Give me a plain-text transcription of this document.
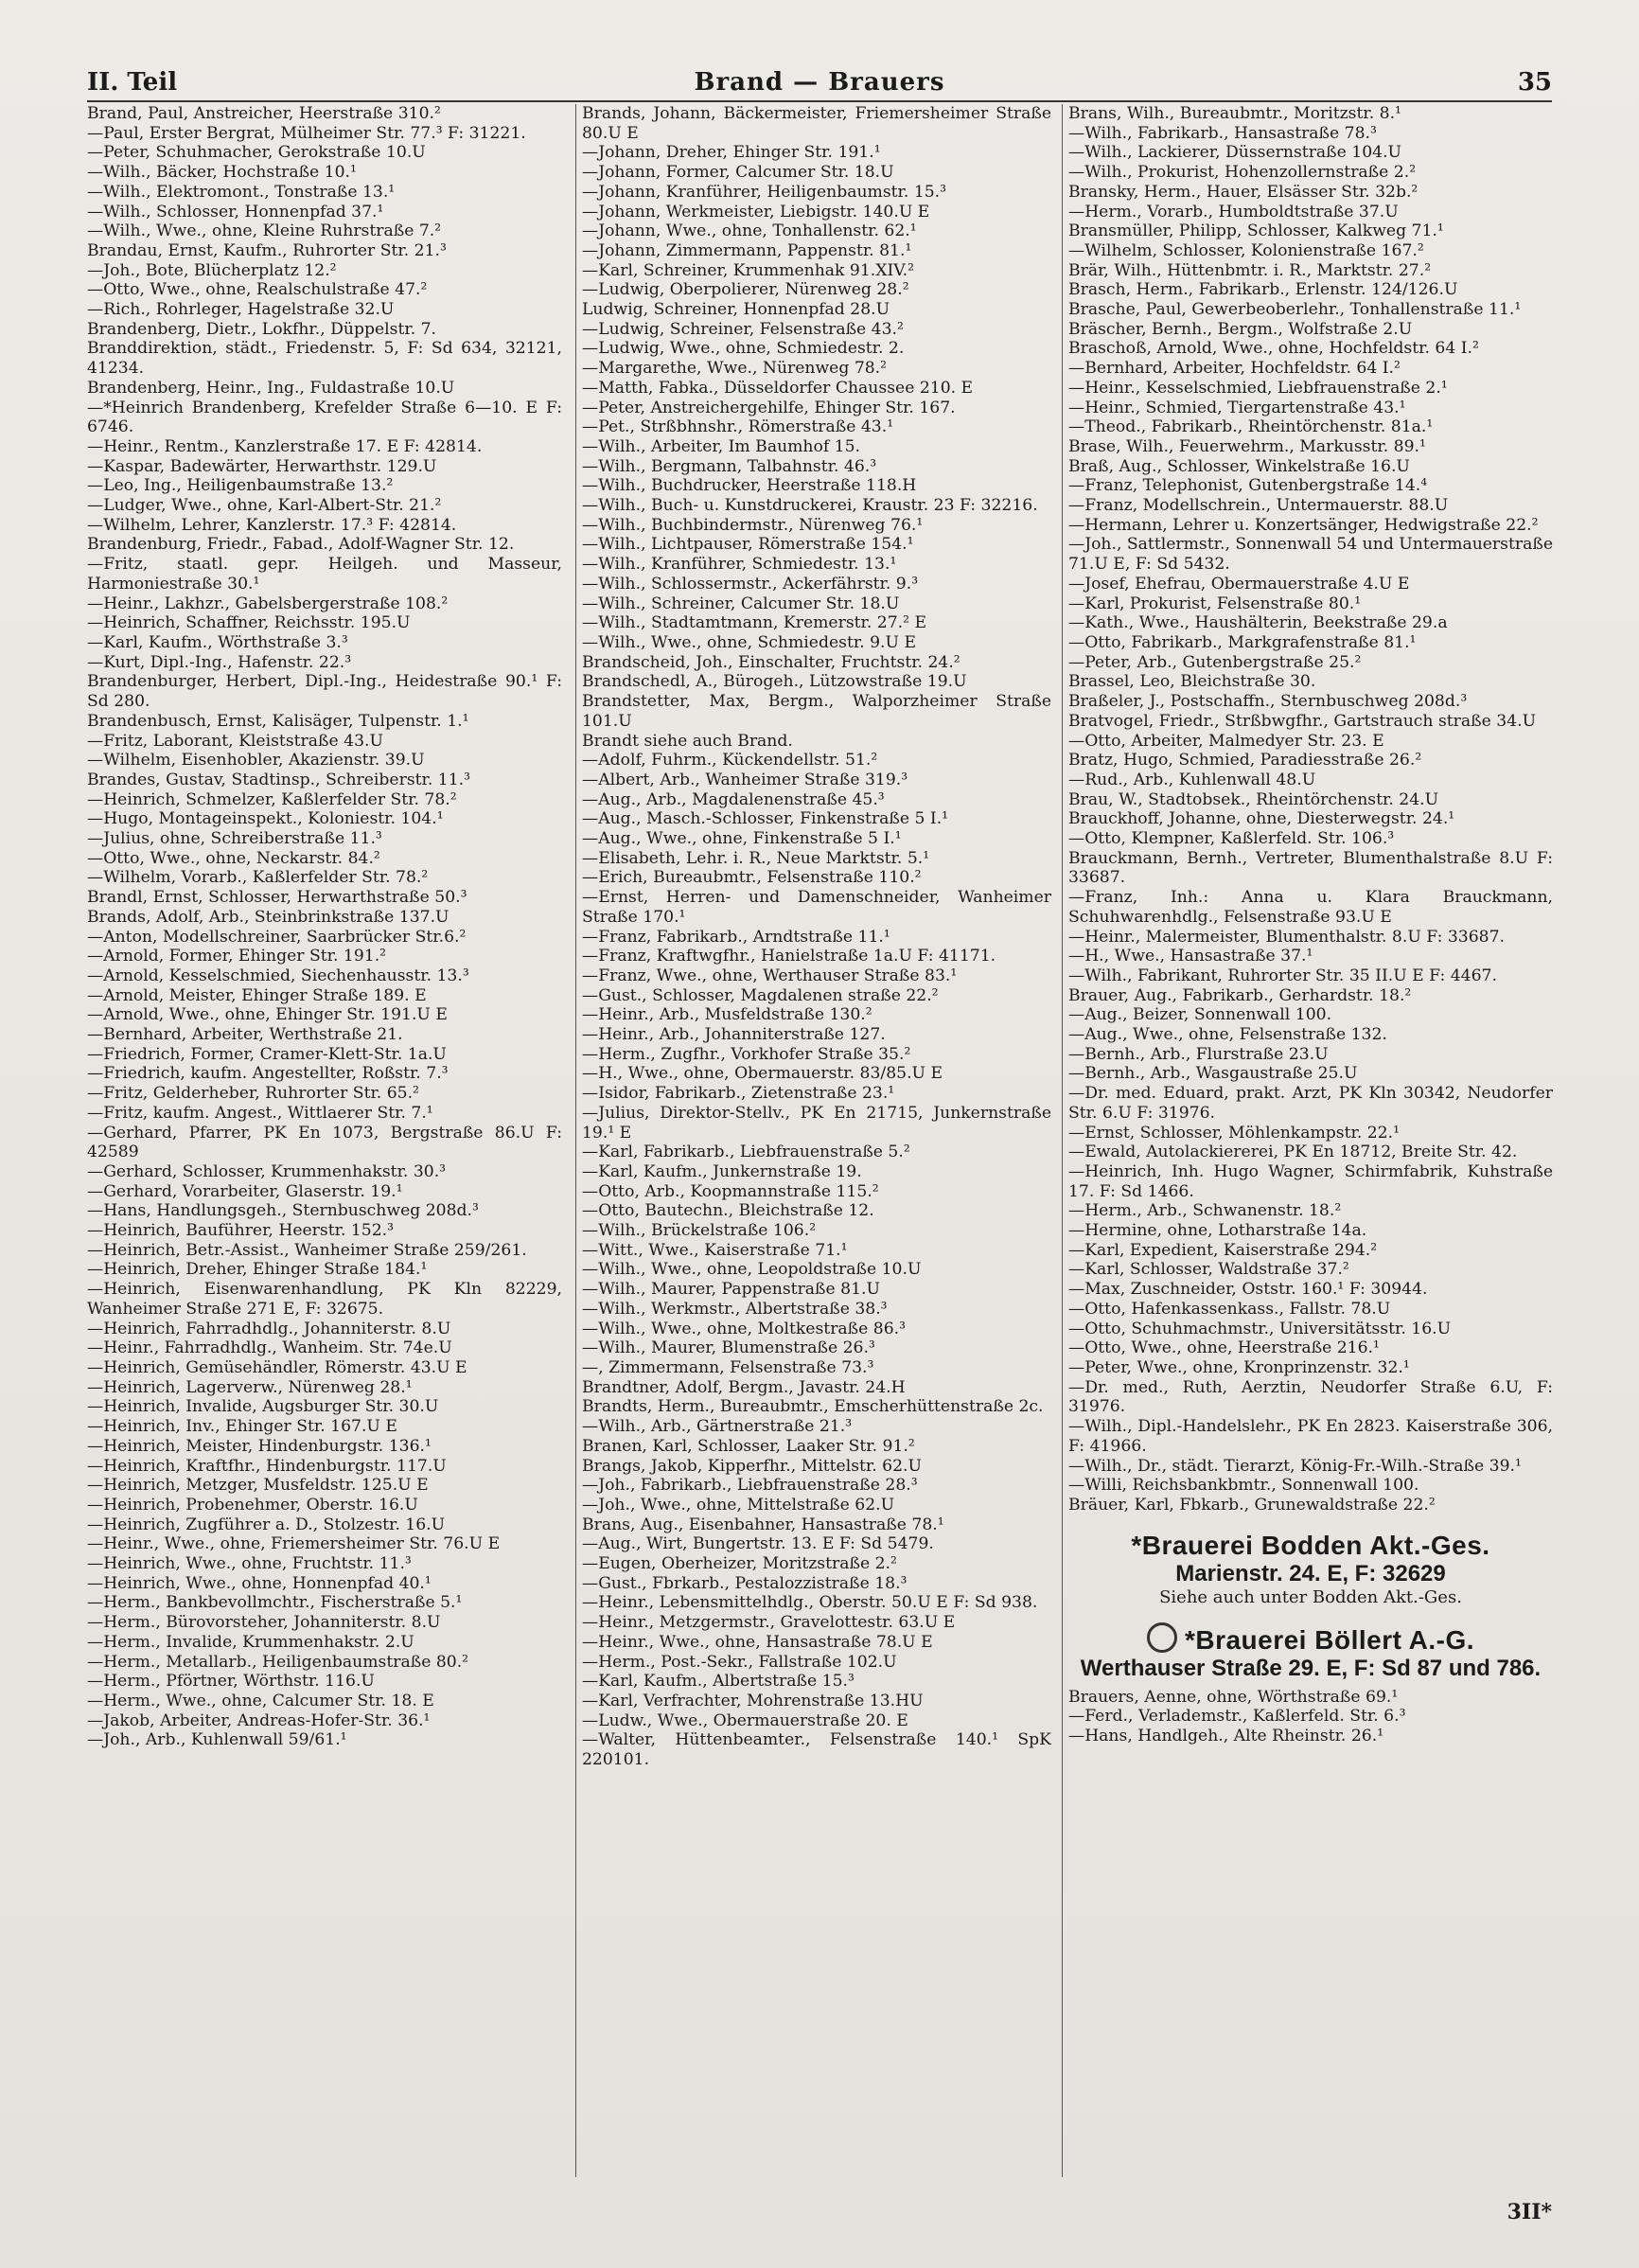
II. Teil	Brand — Brauers	35

Brand, Paul, Anstreicher, Heerstraße 310.²

—Paul, Erster Bergrat, Mülheimer Str. 77.³ F: 31221.

—Peter, Schuhmacher, Gerokstraße 10.U

—Wilh., Bäcker, Hochstraße 10.¹

—Wilh., Elektromont., Tonstraße 13.¹

—Wilh., Schlosser, Honnenpfad 37.¹

—Wilh., Wwe., ohne, Kleine Ruhrstraße 7.²

Brandau, Ernst, Kaufm., Ruhrorter Str. 21.³

—Joh., Bote, Blücherplatz 12.²

—Otto, Wwe., ohne, Realschulstraße 47.²

—Rich., Rohrleger, Hagelstraße 32.U

Brandenberg, Dietr., Lokfhr., Düppelstr. 7.

Branddirektion, städt., Friedenstr. 5, F: Sd 634, 32121, 41234.

Brandenberg, Heinr., Ing., Fuldastraße 10.U

—*Heinrich Brandenberg, Krefelder Straße 6—10. E F: 6746.

—Heinr., Rentm., Kanzlerstraße 17. E F: 42814.

—Kaspar, Badewärter, Herwarthstr. 129.U

—Leo, Ing., Heiligenbaumstraße 13.²

—Ludger, Wwe., ohne, Karl-Albert-Str. 21.²

—Wilhelm, Lehrer, Kanzlerstr. 17.³ F: 42814.

Brandenburg, Friedr., Fabad., Adolf-Wagner Str. 12.

—Fritz, staatl. gepr. Heilgeh. und Masseur, Harmoniestraße 30.¹

—Heinr., Lakhzr., Gabelsbergerstraße 108.²

—Heinrich, Schaffner, Reichsstr. 195.U

—Karl, Kaufm., Wörthstraße 3.³

—Kurt, Dipl.-Ing., Hafenstr. 22.³

Brandenburger, Herbert, Dipl.-Ing., Heidestraße 90.¹ F: Sd 280.

Brandenbusch, Ernst, Kalisäger, Tulpenstr. 1.¹

—Fritz, Laborant, Kleiststraße 43.U

—Wilhelm, Eisenhobler, Akazienstr. 39.U

Brandes, Gustav, Stadtinsp., Schreiberstr. 11.³

—Heinrich, Schmelzer, Kaßlerfelder Str. 78.²

—Hugo, Montageinspekt., Koloniestr. 104.¹

—Julius, ohne, Schreiberstraße 11.³

—Otto, Wwe., ohne, Neckarstr. 84.²

—Wilhelm, Vorarb., Kaßlerfelder Str. 78.²

Brandl, Ernst, Schlosser, Herwarthstraße 50.³

Brands, Adolf, Arb., Steinbrinkstraße 137.U

—Anton, Modellschreiner, Saarbrücker Str.6.²

—Arnold, Former, Ehinger Str. 191.²

—Arnold, Kesselschmied, Siechenhausstr. 13.³

—Arnold, Meister, Ehinger Straße 189. E

—Arnold, Wwe., ohne, Ehinger Str. 191.U E

—Bernhard, Arbeiter, Werthstraße 21.

—Friedrich, Former, Cramer-Klett-Str. 1a.U

—Friedrich, kaufm. Angestellter, Roßstr. 7.³

—Fritz, Gelderheber, Ruhrorter Str. 65.²

—Fritz, kaufm. Angest., Wittlaerer Str. 7.¹

—Gerhard, Pfarrer, PK En 1073, Bergstraße 86.U F: 42589

—Gerhard, Schlosser, Krummenhakstr. 30.³

—Gerhard, Vorarbeiter, Glaserstr. 19.¹

—Hans, Handlungsgeh., Sternbuschweg 208d.³

—Heinrich, Bauführer, Heerstr. 152.³

—Heinrich, Betr.-Assist., Wanheimer Straße 259/261.

—Heinrich, Dreher, Ehinger Straße 184.¹

—Heinrich, Eisenwarenhandlung, PK Kln 82229, Wanheimer Straße 271 E, F: 32675.

—Heinrich, Fahrradhdlg., Johanniterstr. 8.U

—Heinr., Fahrradhdlg., Wanheim. Str. 74e.U

—Heinrich, Gemüsehändler, Römerstr. 43.U E

—Heinrich, Lagerverw., Nürenweg 28.¹

—Heinrich, Invalide, Augsburger Str. 30.U

—Heinrich, Inv., Ehinger Str. 167.U E

—Heinrich, Meister, Hindenburgstr. 136.¹

—Heinrich, Kraftfhr., Hindenburgstr. 117.U

—Heinrich, Metzger, Musfeldstr. 125.U E

—Heinrich, Probenehmer, Oberstr. 16.U

—Heinrich, Zugführer a. D., Stolzestr. 16.U

—Heinr., Wwe., ohne, Friemersheimer Str. 76.U E

—Heinrich, Wwe., ohne, Fruchtstr. 11.³

—Heinrich, Wwe., ohne, Honnenpfad 40.¹

—Herm., Bankbevollmchtr., Fischerstraße 5.¹

—Herm., Bürovorsteher, Johanniterstr. 8.U

—Herm., Invalide, Krummenhakstr. 2.U

—Herm., Metallarb., Heiligenbaumstraße 80.²

—Herm., Pförtner, Wörthstr. 116.U

—Herm., Wwe., ohne, Calcumer Str. 18. E

—Jakob, Arbeiter, Andreas-Hofer-Str. 36.¹

—Joh., Arb., Kuhlenwall 59/61.¹

Brands, Johann, Bäckermeister, Friemersheimer Straße 80.U E

—Johann, Dreher, Ehinger Str. 191.¹

—Johann, Former, Calcumer Str. 18.U

—Johann, Kranführer, Heiligenbaumstr. 15.³

—Johann, Werkmeister, Liebigstr. 140.U E

—Johann, Wwe., ohne, Tonhallenstr. 62.¹

—Johann, Zimmermann, Pappenstr. 81.¹

—Karl, Schreiner, Krummenhak 91.XIV.²

—Ludwig, Oberpolierer, Nürenweg 28.²

Ludwig, Schreiner, Honnenpfad 28.U

—Ludwig, Schreiner, Felsenstraße 43.²

—Ludwig, Wwe., ohne, Schmiedestr. 2.

—Margarethe, Wwe., Nürenweg 78.²

—Matth, Fabka., Düsseldorfer Chaussee 210. E

—Peter, Anstreichergehilfe, Ehinger Str. 167.

—Pet., Strßbhnshr., Römerstraße 43.¹

—Wilh., Arbeiter, Im Baumhof 15.

—Wilh., Bergmann, Talbahnstr. 46.³

—Wilh., Buchdrucker, Heerstraße 118.H

—Wilh., Buch- u. Kunstdruckerei, Kraustr. 23 F: 32216.

—Wilh., Buchbindermstr., Nürenweg 76.¹

—Wilh., Lichtpauser, Römerstraße 154.¹

—Wilh., Kranführer, Schmiedestr. 13.¹

—Wilh., Schlossermstr., Ackerfährstr. 9.³

—Wilh., Schreiner, Calcumer Str. 18.U

—Wilh., Stadtamtmann, Kremerstr. 27.² E

—Wilh., Wwe., ohne, Schmiedestr. 9.U E

Brandscheid, Joh., Einschalter, Fruchtstr. 24.²

Brandschedl, A., Bürogeh., Lützowstraße 19.U

Brandstetter, Max, Bergm., Walporzheimer Straße 101.U

Brandt siehe auch Brand.

—Adolf, Fuhrm., Kückendellstr. 51.²

—Albert, Arb., Wanheimer Straße 319.³

—Aug., Arb., Magdalenenstraße 45.³

—Aug., Masch.-Schlosser, Finkenstraße 5 I.¹

—Aug., Wwe., ohne, Finkenstraße 5 I.¹

—Elisabeth, Lehr. i. R., Neue Marktstr. 5.¹

—Erich, Bureaubmtr., Felsenstraße 110.²

—Ernst, Herren- und Damenschneider, Wanheimer Straße 170.¹

—Franz, Fabrikarb., Arndtstraße 11.¹

—Franz, Kraftwgfhr., Hanielstraße 1a.U F: 41171.

—Franz, Wwe., ohne, Werthauser Straße 83.¹

—Gust., Schlosser, Magdalenen straße 22.²

—Heinr., Arb., Musfeldstraße 130.²

—Heinr., Arb., Johanniterstraße 127.

—Herm., Zugfhr., Vorkhofer Straße 35.²

—H., Wwe., ohne, Obermauerstr. 83/85.U E

—Isidor, Fabrikarb., Zietenstraße 23.¹

—Julius, Direktor-Stellv., PK En 21715, Junkernstraße 19.¹ E

—Karl, Fabrikarb., Liebfrauenstraße 5.²

—Karl, Kaufm., Junkernstraße 19.

—Otto, Arb., Koopmannstraße 115.²

—Otto, Bautechn., Bleichstraße 12.

—Wilh., Brückelstraße 106.²

—Witt., Wwe., Kaiserstraße 71.¹

—Wilh., Wwe., ohne, Leopoldstraße 10.U

—Wilh., Maurer, Pappenstraße 81.U

—Wilh., Werkmstr., Albertstraße 38.³

—Wilh., Wwe., ohne, Moltkestraße 86.³

—Wilh., Maurer, Blumenstraße 26.³

—, Zimmermann, Felsenstraße 73.³

Brandtner, Adolf, Bergm., Javastr. 24.H

Brandts, Herm., Bureaubmtr., Emscherhüttenstraße 2c.

—Wilh., Arb., Gärtnerstraße 21.³

Branen, Karl, Schlosser, Laaker Str. 91.²

Brangs, Jakob, Kipperfhr., Mittelstr. 62.U

—Joh., Fabrikarb., Liebfrauenstraße 28.³

—Joh., Wwe., ohne, Mittelstraße 62.U

Brans, Aug., Eisenbahner, Hansastraße 78.¹

—Aug., Wirt, Bungertstr. 13. E F: Sd 5479.

—Eugen, Oberheizer, Moritzstraße 2.²

—Gust., Fbrkarb., Pestalozzistraße 18.³

—Heinr., Lebensmittelhdlg., Oberstr. 50.U E F: Sd 938.

—Heinr., Metzgermstr., Gravelottestr. 63.U E

—Heinr., Wwe., ohne, Hansastraße 78.U E

—Herm., Post.-Sekr., Fallstraße 102.U

—Karl, Kaufm., Albertstraße 15.³

—Karl, Verfrachter, Mohrenstraße 13.HU

—Ludw., Wwe., Obermauerstraße 20. E

—Walter, Hüttenbeamter., Felsenstraße 140.¹ SpK 220101.

Brans, Wilh., Bureaubmtr., Moritzstr. 8.¹

—Wilh., Fabrikarb., Hansastraße 78.³

—Wilh., Lackierer, Düssernstraße 104.U

—Wilh., Prokurist, Hohenzollernstraße 2.²

Bransky, Herm., Hauer, Elsässer Str. 32b.²

—Herm., Vorarb., Humboldtstraße 37.U

Bransmüller, Philipp, Schlosser, Kalkweg 71.¹

—Wilhelm, Schlosser, Kolonienstraße 167.²

Brär, Wilh., Hüttenbmtr. i. R., Marktstr. 27.²

Brasch, Herm., Fabrikarb., Erlenstr. 124/126.U

Brasche, Paul, Gewerbeoberlehr., Tonhallenstraße 11.¹

Bräscher, Bernh., Bergm., Wolfstraße 2.U

Braschoß, Arnold, Wwe., ohne, Hochfeldstr. 64 I.²

—Bernhard, Arbeiter, Hochfeldstr. 64 I.²

—Heinr., Kesselschmied, Liebfrauenstraße 2.¹

—Heinr., Schmied, Tiergartenstraße 43.¹

—Theod., Fabrikarb., Rheintörchenstr. 81a.¹

Brase, Wilh., Feuerwehrm., Markusstr. 89.¹

Braß, Aug., Schlosser, Winkelstraße 16.U

—Franz, Telephonist, Gutenbergstraße 14.⁴

—Franz, Modellschrein., Untermauerstr. 88.U

—Hermann, Lehrer u. Konzertsänger, Hedwigstraße 22.²

—Joh., Sattlermstr., Sonnenwall 54 und Untermauerstraße 71.U E, F: Sd 5432.

—Josef, Ehefrau, Obermauerstraße 4.U E

—Karl, Prokurist, Felsenstraße 80.¹

—Kath., Wwe., Haushälterin, Beekstraße 29.a

—Otto, Fabrikarb., Markgrafenstraße 81.¹

—Peter, Arb., Gutenbergstraße 25.²

Brassel, Leo, Bleichstraße 30.

Braßeler, J., Postschaffn., Sternbuschweg 208d.³

Bratvogel, Friedr., Strßbwgfhr., Gartstrauch straße 34.U

—Otto, Arbeiter, Malmedyer Str. 23. E

Bratz, Hugo, Schmied, Paradiesstraße 26.²

—Rud., Arb., Kuhlenwall 48.U

Brau, W., Stadtobsek., Rheintörchenstr. 24.U

Brauckhoff, Johanne, ohne, Diesterwegstr. 24.¹

—Otto, Klempner, Kaßlerfeld. Str. 106.³

Brauckmann, Bernh., Vertreter, Blumenthalstraße 8.U F: 33687.

—Franz, Inh.: Anna u. Klara Brauckmann, Schuhwarenhdlg., Felsenstraße 93.U E

—Heinr., Malermeister, Blumenthalstr. 8.U F: 33687.

—H., Wwe., Hansastraße 37.¹

—Wilh., Fabrikant, Ruhrorter Str. 35 II.U E F: 4467.

Brauer, Aug., Fabrikarb., Gerhardstr. 18.²

—Aug., Beizer, Sonnenwall 100.

—Aug., Wwe., ohne, Felsenstraße 132.

—Bernh., Arb., Flurstraße 23.U

—Bernh., Arb., Wasgaustraße 25.U

—Dr. med. Eduard, prakt. Arzt, PK Kln 30342, Neudorfer Str. 6.U F: 31976.

—Ernst, Schlosser, Möhlenkampstr. 22.¹

—Ewald, Autolackiererei, PK En 18712, Breite Str. 42.

—Heinrich, Inh. Hugo Wagner, Schirmfabrik, Kuhstraße 17. F: Sd 1466.

—Herm., Arb., Schwanenstr. 18.²

—Hermine, ohne, Lotharstraße 14a.

—Karl, Expedient, Kaiserstraße 294.²

—Karl, Schlosser, Waldstraße 37.²

—Max, Zuschneider, Oststr. 160.¹ F: 30944.

—Otto, Hafenkassenkass., Fallstr. 78.U

—Otto, Schuhmachmstr., Universitätsstr. 16.U

—Otto, Wwe., ohne, Heerstraße 216.¹

—Peter, Wwe., ohne, Kronprinzenstr. 32.¹

—Dr. med., Ruth, Aerztin, Neudorfer Straße 6.U, F: 31976.

—Wilh., Dipl.-Handelslehr., PK En 2823. Kaiserstraße 306, F: 41966.

—Wilh., Dr., städt. Tierarzt, König-Fr.-Wilh.-Straße 39.¹

—Willi, Reichsbankbmtr., Sonnenwall 100.

Bräuer, Karl, Fbkarb., Grunewaldstraße 22.²

*Brauerei Bodden Akt.-Ges.
Marienstr. 24. E, F: 32629
Siehe auch unter Bodden Akt.-Ges.
*Brauerei Böllert A.-G.
Werthauser Straße 29. E, F: Sd 87 und 786.

Brauers, Aenne, ohne, Wörthstraße 69.¹

—Ferd., Verlademstr., Kaßlerfeld. Str. 6.³

—Hans, Handlgeh., Alte Rheinstr. 26.¹

3II*
